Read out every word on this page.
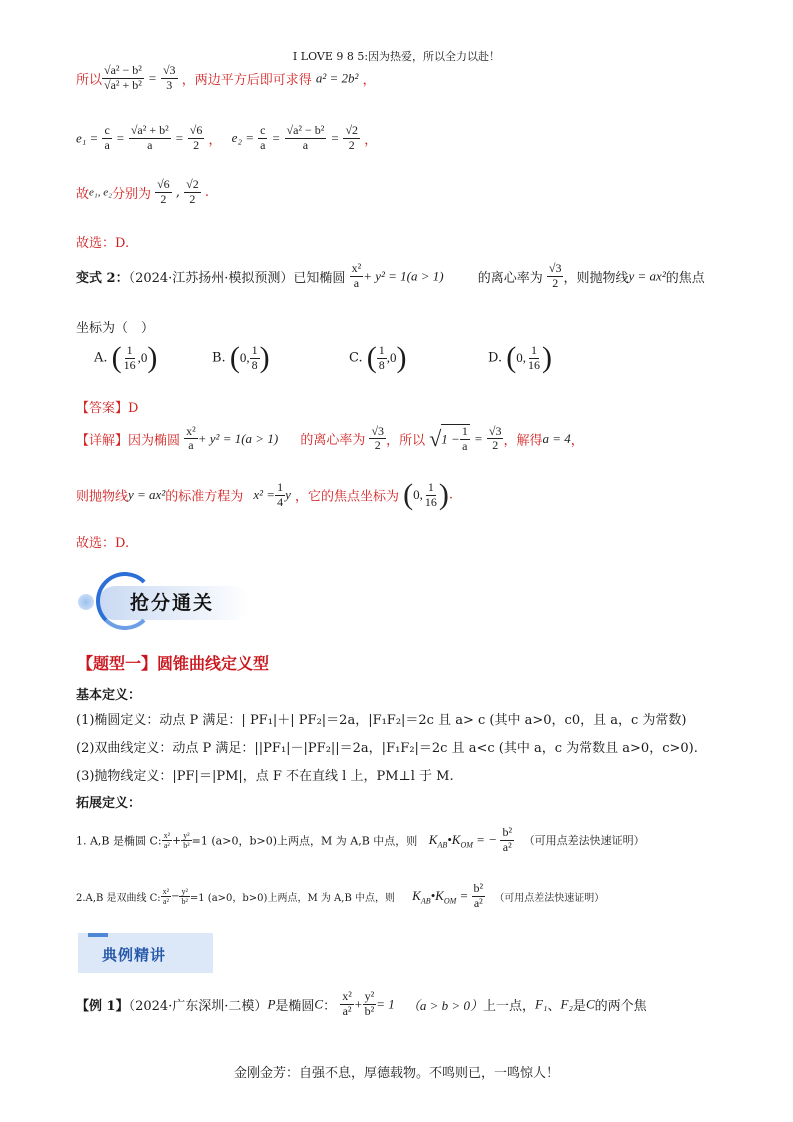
I LOVE 9 8 5:因为热爱，所以全力以赴！
所以 $\frac{\text{√a² − b²}}{\text{√a² + b²}} = \frac{√3}{3}$ ，两边平方后即可求得 a² = 2b² ，
$e_1 = \frac{c}{a} = \frac{\text{√a² + b²}}{a} = \frac{√6}{2}$ ， $e_2 = \frac{c}{a} = \frac{\text{√a² − b²}}{a} = \frac{√2}{2}$ ，
故e₁, e₂分别为 $\frac{√6}{2}$ , $\frac{√2}{2}$ .
故选：D.
变式 2：（2024·江苏扬州·模拟预测）已知椭圆 $\frac{\text{x²}}{a} + y^2 = 1(a > 1)$	的离心率为 $\frac{√3}{2}$ ，则抛物线y = ax²的焦点
坐标为（　）
A. ( $\frac{1}{16} ,0$)	B. (0, $\frac{1}{8}$ )	C. ( $\frac{1}{8} ,0$)	D. (0, $\frac{1}{16}$ )
【答案】D
【详解】因为椭圆 $\frac{\text{x²}}{a} + y^2 = 1(a > 1)$ 的离心率为 $\frac{√3}{2}$ ，所以 $√1 - \frac{1}{a} = \frac{√3}{2}$ ，解得a = 4，
则抛物线y = ax²的标准方程为 $x^2 = \frac{1}{4}$ y ，它的焦点坐标为 (0, $\frac{1}{16}$ ).
故选：D.
抢分通关
【题型一】圆锥曲线定义型
基本定义：
(1)椭圆定义：动点 P 满足：| PF₁|＋| PF₂|＝2a，|F₁F₂|＝2c 且 a> c (其中 a>0，c0，且 a，c 为常数)
(2)双曲线定义：动点 P 满足：||PF₁|－|PF₂||＝2a，|F₁F₂|＝2c 且 a<c (其中 a，c 为常数且 a>0，c>0).
(3)抛物线定义：|PF|＝|PM|，点 F 不在直线 l 上，PM⊥l 于 M.
拓展定义：
1. A,B 是椭圆 C: $\frac{\text{x²}}{\text{a²}} + \frac{\text{y²}}{\text{b²}} =1$ (a>0，b>0)上两点，M 为 A,B 中点，则 $K_{AB}•K_{OM}$ = − $\frac{\text{b²}}{\text{a²}}$ （可用点差法快速证明）
2.A,B 是双曲线 C: $\frac{\text{x²}}{\text{a²}} - \frac{\text{y²}}{\text{b²}} =1$ (a>0，b>0)上两点，M 为 A,B 中点，则 $K_{AB}•K_{OM} = \frac{\text{b²}}{\text{a²}}$ （可用点差法快速证明）
典例精讲
【例 1】（2024·广东深圳·二模）P是椭圆C： $\frac{\text{x²}}{\text{a²}} + \frac{\text{y²}}{\text{b²}} = 1$ （a > b > 0）上一点，F₁、F₂是C的两个焦
金刚金芳：自强不息，厚德载物。不鸣则已，一鸣惊人！
